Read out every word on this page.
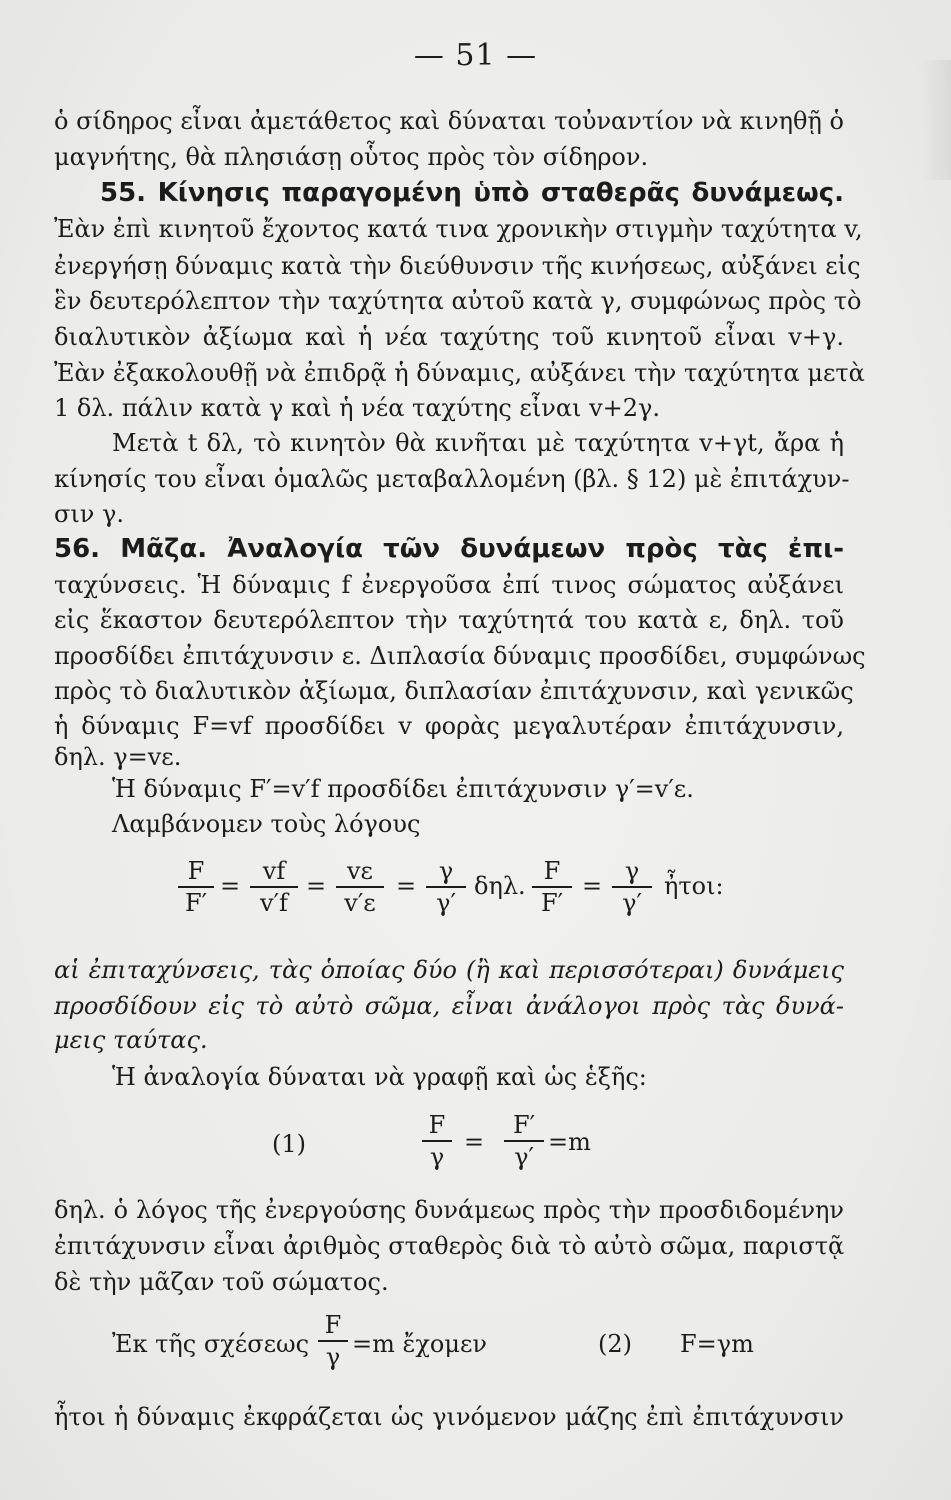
— 51 —
ὁ σίδηρος εἶναι ἀμετάθετος καὶ δύναται τοὐναντίον νὰ κινηθῇ ὁ
μαγνήτης, θὰ πλησιάσῃ οὗτος πρὸς τὸν σίδηρον.
55. Κίνησις παραγομένη ὑπὸ σταθερᾶς δυνάμεως.
Ἐὰν ἐπὶ κινητοῦ ἔχοντος κατά τινα χρονικὴν στιγμὴν ταχύτητα v,
ἐνεργήσῃ δύναμις κατὰ τὴν διεύθυνσιν τῆς κινήσεως, αὐξάνει εἰς
ἓν δευτερόλεπτον τὴν ταχύτητα αὐτοῦ κατὰ γ, συμφώνως πρὸς τὸ
διαλυτικὸν ἀξίωμα καὶ ἡ νέα ταχύτης τοῦ κινητοῦ εἶναι v+γ.
Ἐὰν ἐξακολουθῇ νὰ ἐπιδρᾷ ἡ δύναμις, αὐξάνει τὴν ταχύτητα μετὰ
1 δλ. πάλιν κατὰ γ καὶ ἡ νέα ταχύτης εἶναι v+2γ.
Μετὰ t δλ, τὸ κινητὸν θὰ κινῆται μὲ ταχύτητα v+γt, ἄρα ἡ
κίνησίς του εἶναι ὁμαλῶς μεταβαλλομένη (βλ. § 12) μὲ ἐπιτάχυν-
σιν γ.
56. Μᾶζα. Ἀναλογία τῶν δυνάμεων πρὸς τὰς ἐπι-
ταχύνσεις. Ἡ δύναμις f ἐνεργοῦσα ἐπί τινος σώματος αὐξάνει
εἰς ἕκαστον δευτερόλεπτον τὴν ταχύτητά του κατὰ ε, δηλ. τοῦ
προσδίδει ἐπιτάχυνσιν ε. Διπλασία δύναμις προσδίδει, συμφώνως
πρὸς τὸ διαλυτικὸν ἀξίωμα, διπλασίαν ἐπιτάχυνσιν, καὶ γενικῶς
ἡ δύναμις F=vf προσδίδει v φορὰς μεγαλυτέραν ἐπιτάχυνσιν,
δηλ. γ=vε.
Ἡ δύναμις F′=v′f προσδίδει ἐπιτάχυνσιν γ′=v′ε.
Λαμβάνομεν τοὺς λόγους
F
F′
=
vf
v′f
=
vε
v′ε
=
γ
γ′
δηλ.
F
F′
=
γ
γ′
ἦτοι:
αἱ ἐπιταχύνσεις, τὰς ὁποίας δύο (ἢ καὶ περισσότεραι) δυνάμεις
προσδίδουν εἰς τὸ αὐτὸ σῶμα, εἶναι ἀνάλογοι πρὸς τὰς δυνά-
μεις ταύτας.
Ἡ ἀναλογία δύναται νὰ γραφῇ καὶ ὡς ἑξῆς:
(1)
F
γ
=
F′
γ′
=m
δηλ. ὁ λόγος τῆς ἐνεργούσης δυνάμεως πρὸς τὴν προσδιδομένην
ἐπιτάχυνσιν εἶναι ἀριθμὸς σταθερὸς διὰ τὸ αὐτὸ σῶμα, παριστᾷ
δὲ τὴν μᾶζαν τοῦ σώματος.
Ἐκ τῆς σχέσεως
F
γ =m ἔχομεν	(2) F=γm
ἦτοι ἡ δύναμις ἐκφράζεται ὡς γινόμενον μάζης ἐπὶ ἐπιτάχυνσιν
